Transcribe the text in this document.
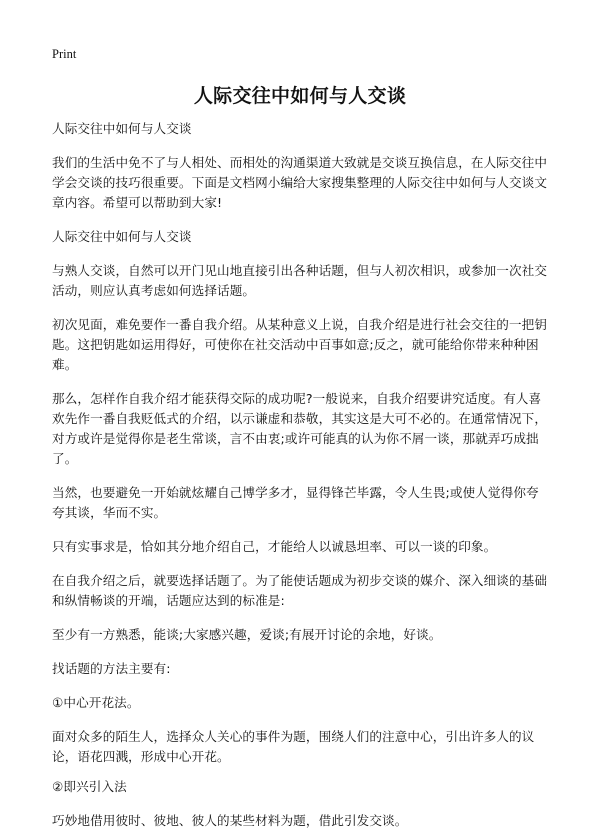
Print
人际交往中如何与人交谈

人际交往中如何与人交谈

我们的生活中免不了与人相处、而相处的沟通渠道大致就是交谈互换信息，在人际交往中学会交谈的技巧很重要。下面是文档网小编给大家搜集整理的人际交往中如何与人交谈文章内容。希望可以帮助到大家!

人际交往中如何与人交谈

与熟人交谈，自然可以开门见山地直接引出各种话题，但与人初次相识，或参加一次社交活动，则应认真考虑如何选择话题。

初次见面，难免要作一番自我介绍。从某种意义上说，自我介绍是进行社会交往的一把钥匙。这把钥匙如运用得好，可使你在社交活动中百事如意;反之，就可能给你带来种种困难。

那么，怎样作自我介绍才能获得交际的成功呢?一般说来，自我介绍要讲究适度。有人喜欢先作一番自我贬低式的介绍，以示谦虚和恭敬，其实这是大可不必的。在通常情况下，对方或许是觉得你是老生常谈，言不由衷;或许可能真的认为你不屑一谈，那就弄巧成拙了。

当然，也要避免一开始就炫耀自己博学多才，显得锋芒毕露，令人生畏;或使人觉得你夸夸其谈，华而不实。

只有实事求是，恰如其分地介绍自己，才能给人以诚恳坦率、可以一谈的印象。

在自我介绍之后，就要选择话题了。为了能使话题成为初步交谈的媒介、深入细谈的基础和纵情畅谈的开端，话题应达到的标准是:

至少有一方熟悉，能谈;大家感兴趣，爱谈;有展开讨论的余地，好谈。

找话题的方法主要有:

①中心开花法。

面对众多的陌生人，选择众人关心的事件为题，围绕人们的注意中心，引出许多人的议论，语花四溅，形成中心开花。

②即兴引入法

巧妙地借用彼时、彼地、彼人的某些材料为题，借此引发交谈。
